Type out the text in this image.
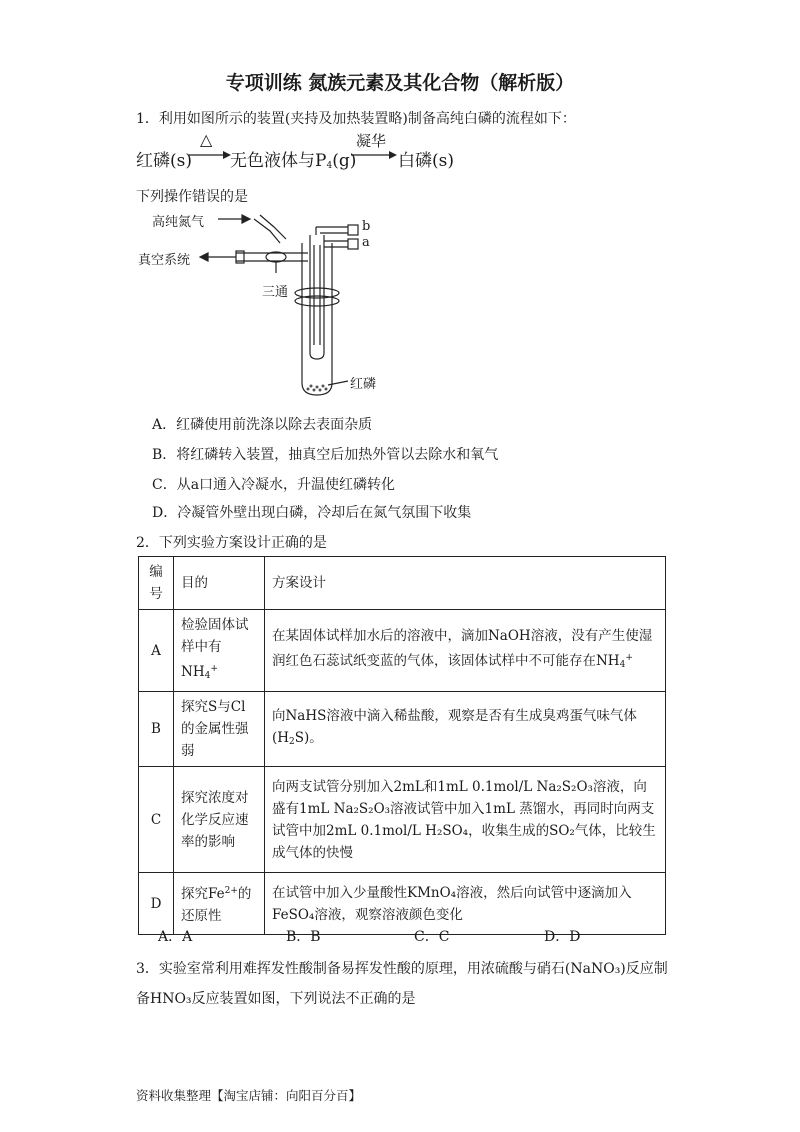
专项训练 氮族元素及其化合物（解析版）
1．利用如图所示的装置(夹持及加热装置略)制备高纯白磷的流程如下：
红磷(s)
△
无色液体与$P_4(g)$
凝华
白磷(s)
下列操作错误的是
高纯氮气
真空系统
三通
b
a
红磷
A．红磷使用前洗涤以除去表面杂质
B．将红磷转入装置，抽真空后加热外管以去除水和氧气
C．从a口通入冷凝水，升温使红磷转化
D．冷凝管外壁出现白磷，冷却后在氮气氛围下收集
2．下列实验方案设计正确的是
编号	目的	方案设计
A	检验固体试样中有$NH_4^+$	在某固体试样加水后的溶液中，滴加NaOH溶液，没有产生使湿润红色石蕊试纸变蓝的气体，该固体试样中不可能存在$NH_4^+$
B	探究S与Cl的金属性强弱	向NaHS溶液中滴入稀盐酸，观察是否有生成臭鸡蛋气味气体$(H_2S)$。
C	探究浓度对化学反应速率的影响	向两支试管分别加入2mL和1mL 0.1mol/L Na₂S₂O₃溶液，向盛有1mL Na₂S₂O₃溶液试管中加入1mL 蒸馏水，再同时向两支试管中加2mL 0.1mol/L H₂SO₄，收集生成的SO₂气体，比较生成气体的快慢
D	探究$Fe^{2+}$的还原性	在试管中加入少量酸性KMnO₄溶液，然后向试管中逐滴加入FeSO₄溶液，观察溶液颜色变化
A．A	B．B	C．C	D．D
3．实验室常利用难挥发性酸制备易挥发性酸的原理，用浓硫酸与硝石(NaNO₃)反应制
备HNO₃反应装置如图，下列说法不正确的是
资料收集整理【淘宝店铺：向阳百分百】
